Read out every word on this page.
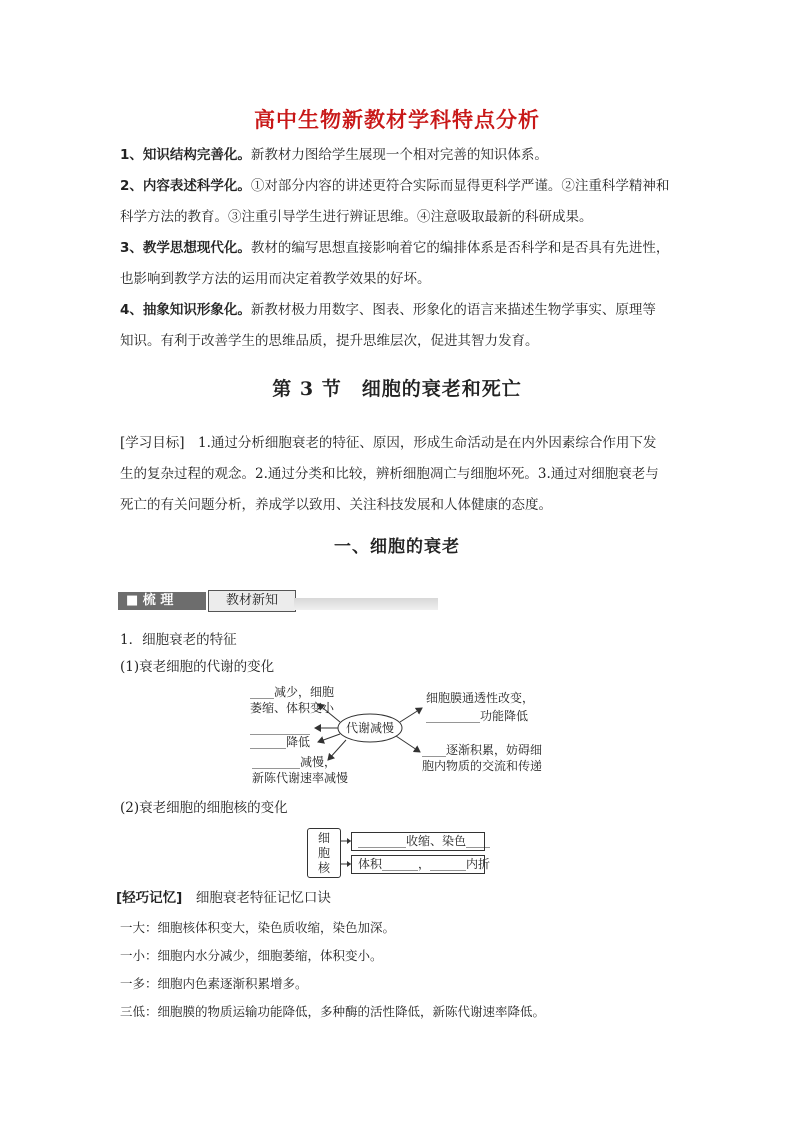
高中生物新教材学科特点分析
1、知识结构完善化。新教材力图给学生展现一个相对完善的知识体系。
2、内容表述科学化。①对部分内容的讲述更符合实际而显得更科学严谨。②注重科学精神和
科学方法的教育。③注重引导学生进行辨证思维。④注意吸取最新的科研成果。
3、教学思想现代化。教材的编写思想直接影响着它的编排体系是否科学和是否具有先进性，
也影响到教学方法的运用而决定着教学效果的好坏。
4、抽象知识形象化。新教材极力用数字、图表、形象化的语言来描述生物学事实、原理等
知识。有利于改善学生的思维品质，提升思维层次，促进其智力发育。
第 3 节　细胞的衰老和死亡
[学习目标]　1.通过分析细胞衰老的特征、原因，形成生命活动是在内外因素综合作用下发
生的复杂过程的观念。2.通过分类和比较，辨析细胞凋亡与细胞坏死。3.通过对细胞衰老与
死亡的有关问题分析，养成学以致用、关注科技发展和人体健康的态度。
一、细胞的衰老
■ 梳 理	教材新知
1．细胞衰老的特征
(1)衰老细胞的代谢的变化
代谢减慢
____减少，细胞
萎缩、体积变小
__________
______降低
________减慢，
新陈代谢速率减慢
细胞膜通透性改变，
_________功能降低
____逐渐积累，妨碍细
胞内物质的交流和传递
(2)衰老细胞的细胞核的变化
细
胞
核
________收缩、染色____
体积______，______内折
[轻巧记忆]　 细胞衰老特征记忆口诀
一大：细胞核体积变大，染色质收缩，染色加深。
一小：细胞内水分减少，细胞萎缩，体积变小。
一多：细胞内色素逐渐积累增多。
三低：细胞膜的物质运输功能降低，多种酶的活性降低，新陈代谢速率降低。
